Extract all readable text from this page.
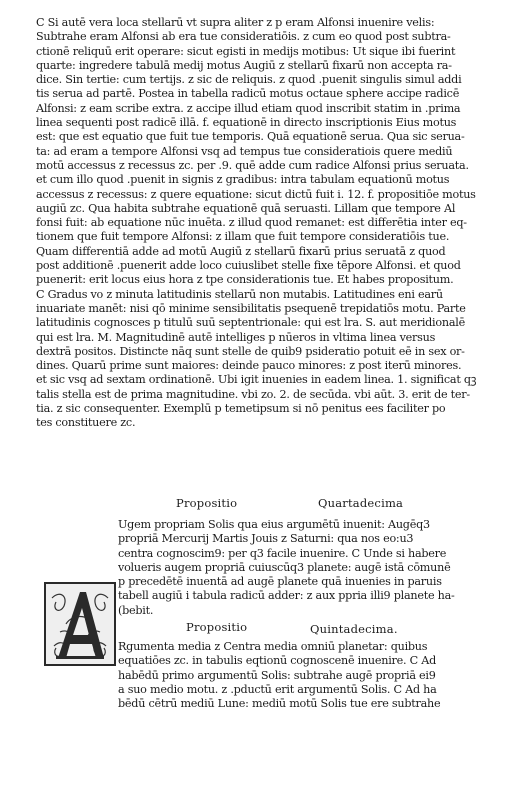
C Si autē vera loca stellarū vt supra aliter z p eram Alfonsi inuenire velis:
Subtrahe eram Alfonsi ab era tue consideratiōis. z cum eo quod post subtra-
ctionē reliquū erit operare: sicut egisti in medijs motibus: Ut sique ibi fuerint
quarte: ingredere tabulā medij motus Augiū z stellarū fixarū non accepta ra-
dice. Sin tertie: cum tertijs. z sic de reliquis. z quod .puenit singulis simul addi
tis serua ad partē. Postea in tabella radicū motus octaue sphere accipe radicē
Alfonsi: z eam scribe extra. z accipe illud etiam quod inscribit statim in .prima
linea sequenti post radicē illā. f. equationē in directo inscriptionis Eius motus
est: que est equatio que fuit tue temporis. Quā equationē serua. Qua sic serua-
ta: ad eram a tempore Alfonsi vsq ad tempus tue consideratiois quere mediū
motū accessus z recessus zc. per .9. quē adde cum radice Alfonsi prius seruata.
et cum illo quod .puenit in signis z gradibus: intra tabulam equationū motus
accessus z recessus: z quere equatione: sicut dictū fuit i. 12. f. propositiōe motus
augiū zc. Qua habita subtrahe equationē quā seruasti. Lillam que tempore Al
fonsi fuit: ab equatione nūc inuēta. z illud quod remanet: est differētia inter eq-
tionem que fuit tempore Alfonsi: z illam que fuit tempore consideratiōis tue.
Quam differentiā adde ad motū Augiū z stellarū fixarū prius seruatā z quod
post additionē .puenerit adde loco cuiuslibet stelle fixe tēpore Alfonsi. et quod
puenerit: erit locus eius hora z tpe considerationis tue. Et habes propositum.
C Gradus vo z minuta latitudinis stellarū non mutabis. Latitudines eni earū
inuariate manēt: nisi qō minime sensibilitatis psequenē trepidatiōs motu. Parte
latitudinis cognosces p titulū suū septentrionale: qui est lra. S. aut meridionalē
qui est lra. M. Magnitudinē autē intelliges p nūeros in vltima linea versus
dextrā positos. Distincte nāq sunt stelle de quib9 psideratio potuit eē in sex or-
dines. Quarū prime sunt maiores: deinde pauco minores: z post iterū minores.
et sic vsq ad sextam ordinationē. Ubi igit inuenies in eadem linea. 1. significat qꝫ
talis stella est de prima magnitudine. vbi zo. 2. de secūda. vbi aūt. 3. erit de ter-
tia. z sic consequenter. Exemplū p temetipsum si nō penitus ees faciliter po
tes constituere zc.
Propositio	Quartadecima
Ugem propriam Solis qua eius argumētū inuenit: Augēq3
propriā Mercurij Martis Jouis z Saturni: qua nos eo:u3
centra cognoscim9: per q3 facile inuenire. C Unde si habere
volueris augem propriā cuiuscūq3 planete: augē istā cōmunē
p precedētē inuentā ad augē planete quā inuenies in paruis
tabell augiū i tabula radicū adder: z aux ppria illi9 planete ha-
(bebit.
Propositio	Quintadecima.
Rgumenta media z Centra media omniū planetar: quibus
equatiōes zc. in tabulis eqtionū cognoscenē inuenire. C Ad
habēdū primo argumentū Solis: subtrahe augē propriā ei9
a suo medio motu. z .pductū erit argumentū Solis. C Ad ha
bēdū cētrū mediū Lune: mediū motū Solis tue ere subtrahe
